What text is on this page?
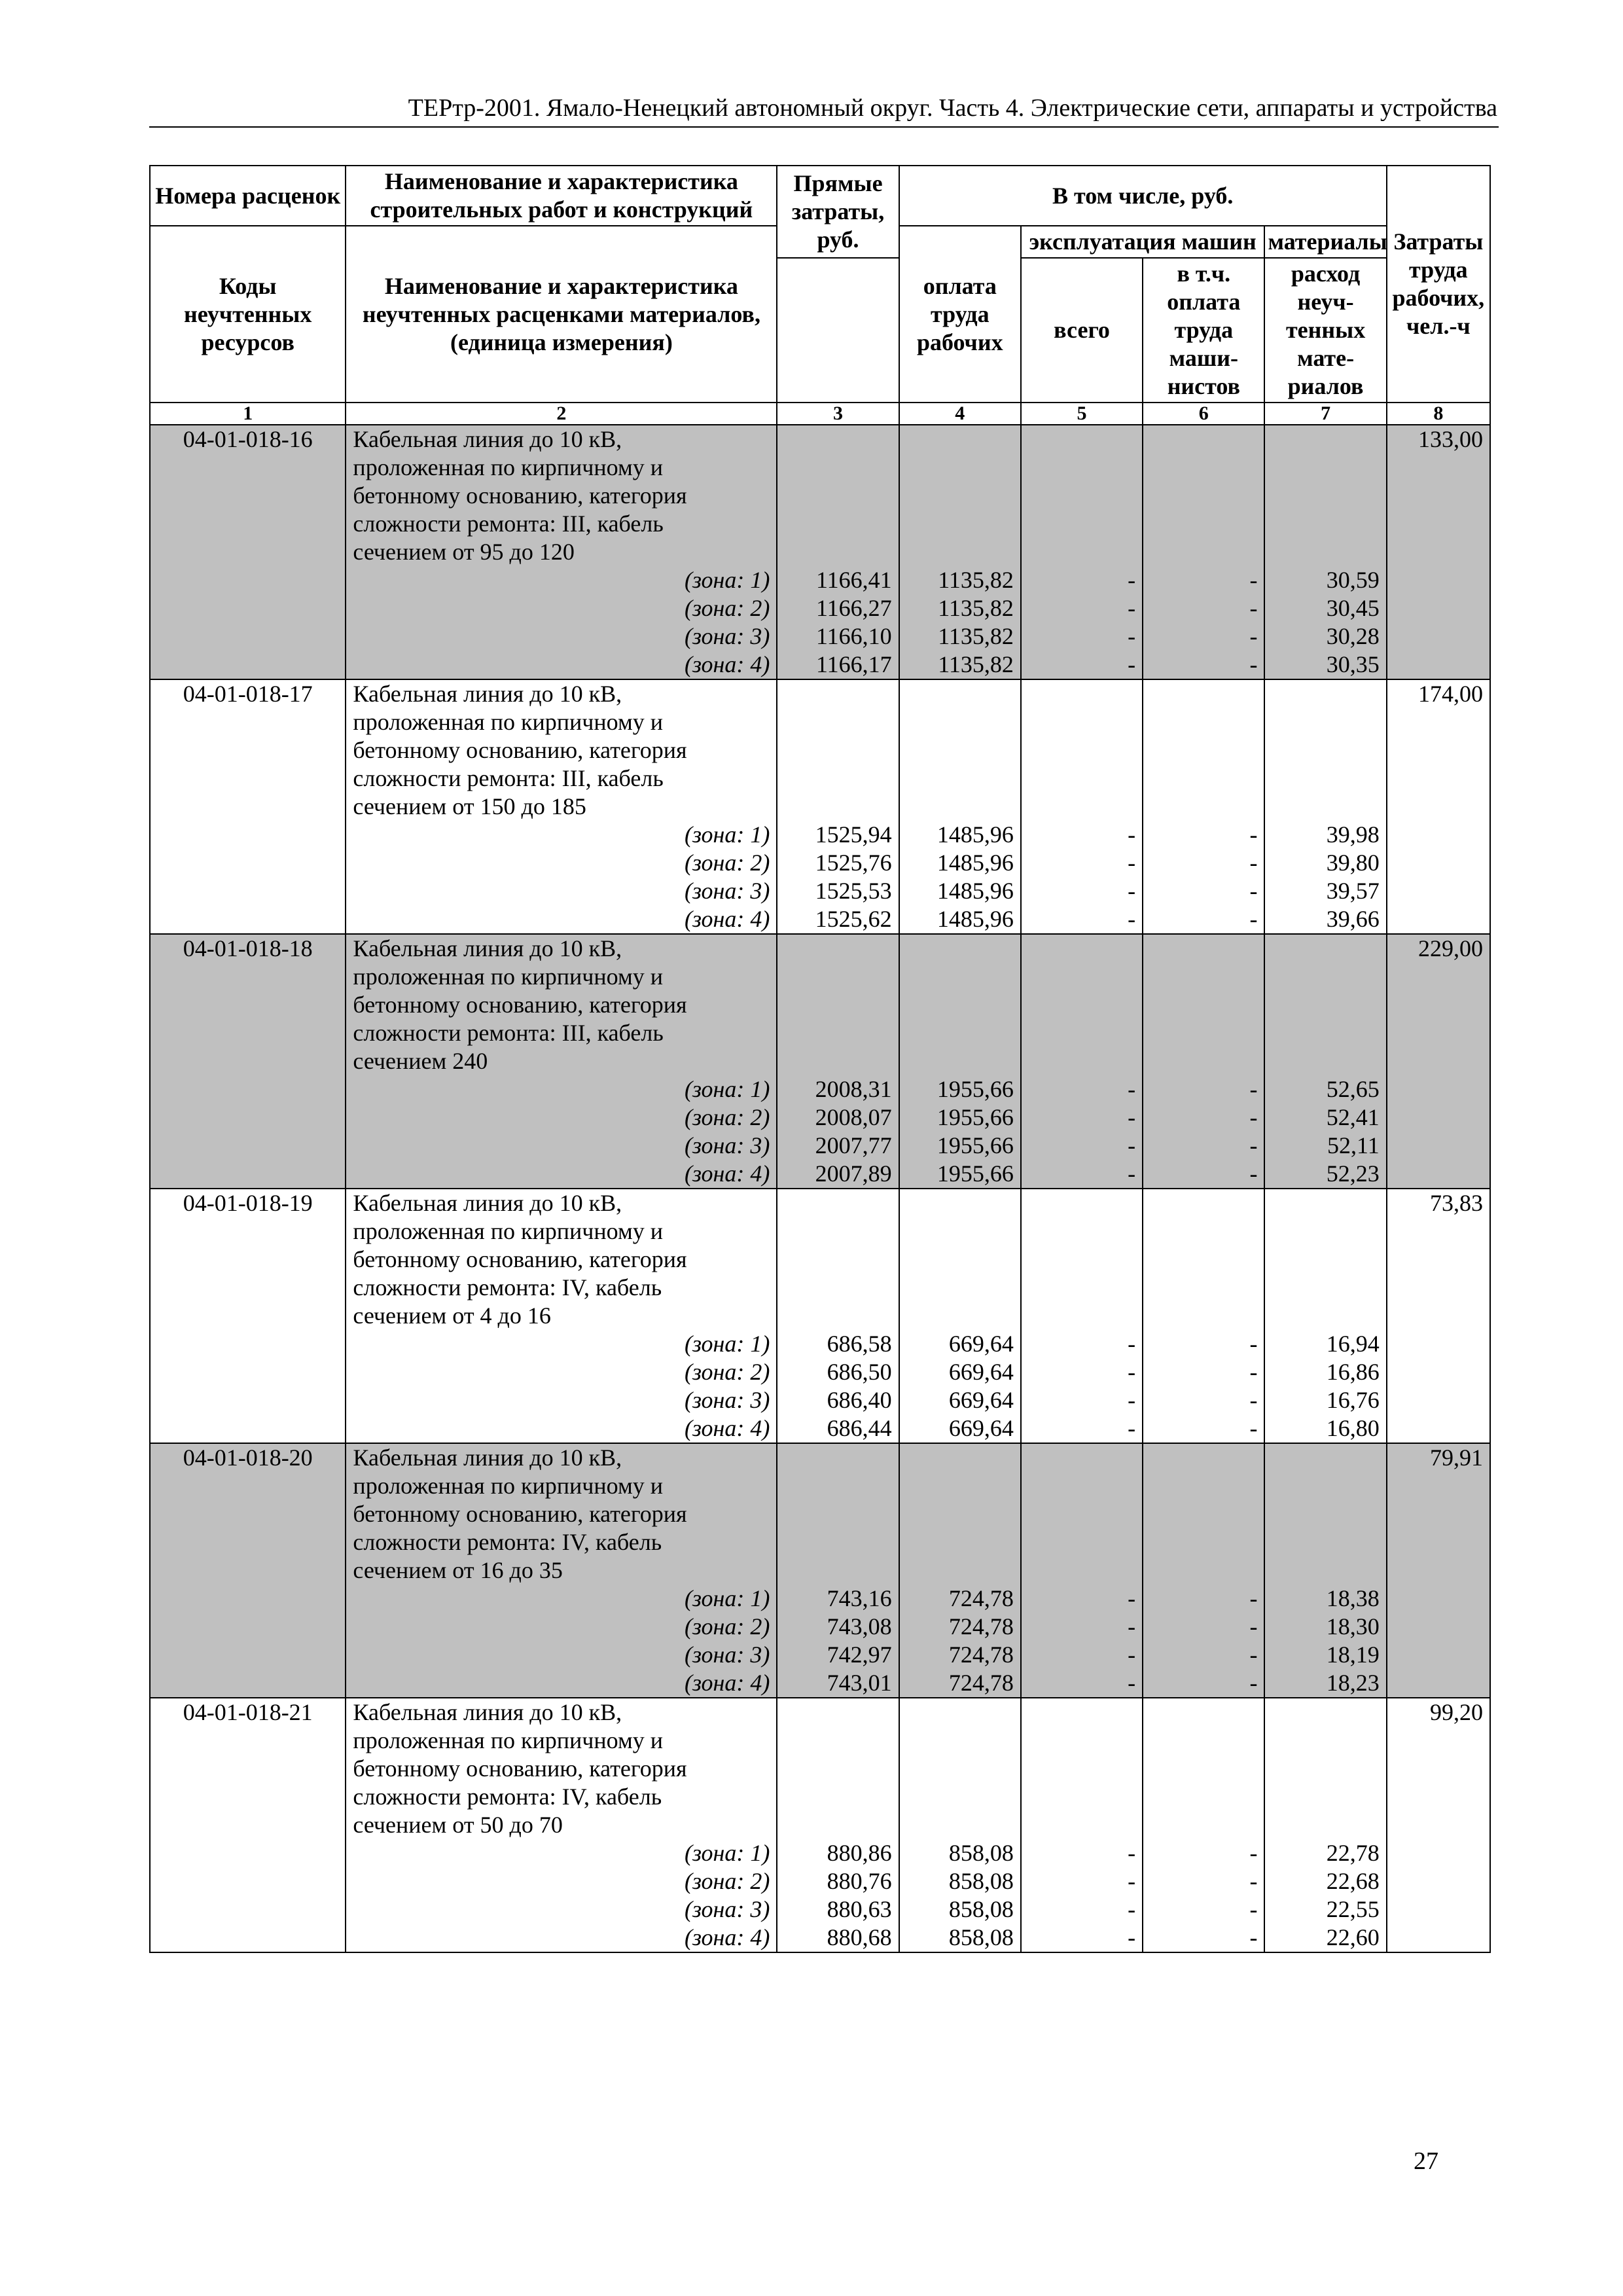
ТЕРтр-2001. Ямало-Ненецкий автономный округ. Часть 4. Электрические сети, аппараты и устройства
Номера расценок	Наименование и характеристика строительных работ и конструкций	Прямые затраты, руб.	В том числе, руб.				Затраты труда рабочих, чел.-ч
Коды неучтенных ресурсов	Наименование и характеристика неучтенных расценками материалов, (единица измерения)		оплата труда рабочих	эксплуатация машин		материалы	
				всего	в т.ч. оплата труда маши-нистов	расход неуч-тенных мате-риалов	

1	2	3	4	5	6	7	8
04-01-018-16	Кабельная линия до 10 кВ,						133,00
	проложенная по кирпичному и						
	бетонному основанию, категория						
	сложности ремонта: III, кабель						
	сечением от 95 до 120						
	(зона: 1)	1166,41	1135,82	-	-	30,59	
	(зона: 2)	1166,27	1135,82	-	-	30,45	
	(зона: 3)	1166,10	1135,82	-	-	30,28	
	(зона: 4)	1166,17	1135,82	-	-	30,35	
04-01-018-17	Кабельная линия до 10 кВ,						174,00
	проложенная по кирпичному и						
	бетонному основанию, категория						
	сложности ремонта: III, кабель						
	сечением от 150 до 185						
	(зона: 1)	1525,94	1485,96	-	-	39,98	
	(зона: 2)	1525,76	1485,96	-	-	39,80	
	(зона: 3)	1525,53	1485,96	-	-	39,57	
	(зона: 4)	1525,62	1485,96	-	-	39,66	
04-01-018-18	Кабельная линия до 10 кВ,						229,00
	проложенная по кирпичному и						
	бетонному основанию, категория						
	сложности ремонта: III, кабель						
	сечением 240						
	(зона: 1)	2008,31	1955,66	-	-	52,65	
	(зона: 2)	2008,07	1955,66	-	-	52,41	
	(зона: 3)	2007,77	1955,66	-	-	52,11	
	(зона: 4)	2007,89	1955,66	-	-	52,23	
04-01-018-19	Кабельная линия до 10 кВ,						73,83
	проложенная по кирпичному и						
	бетонному основанию, категория						
	сложности ремонта: IV, кабель						
	сечением от 4 до 16						
	(зона: 1)	686,58	669,64	-	-	16,94	
	(зона: 2)	686,50	669,64	-	-	16,86	
	(зона: 3)	686,40	669,64	-	-	16,76	
	(зона: 4)	686,44	669,64	-	-	16,80	
04-01-018-20	Кабельная линия до 10 кВ,						79,91
	проложенная по кирпичному и						
	бетонному основанию, категория						
	сложности ремонта: IV, кабель						
	сечением от 16 до 35						
	(зона: 1)	743,16	724,78	-	-	18,38	
	(зона: 2)	743,08	724,78	-	-	18,30	
	(зона: 3)	742,97	724,78	-	-	18,19	
	(зона: 4)	743,01	724,78	-	-	18,23	
04-01-018-21	Кабельная линия до 10 кВ,						99,20
	проложенная по кирпичному и						
	бетонному основанию, категория						
	сложности ремонта: IV, кабель						
	сечением от 50 до 70						
	(зона: 1)	880,86	858,08	-	-	22,78	
	(зона: 2)	880,76	858,08	-	-	22,68	
	(зона: 3)	880,63	858,08	-	-	22,55	
	(зона: 4)	880,68	858,08	-	-	22,60	
27
